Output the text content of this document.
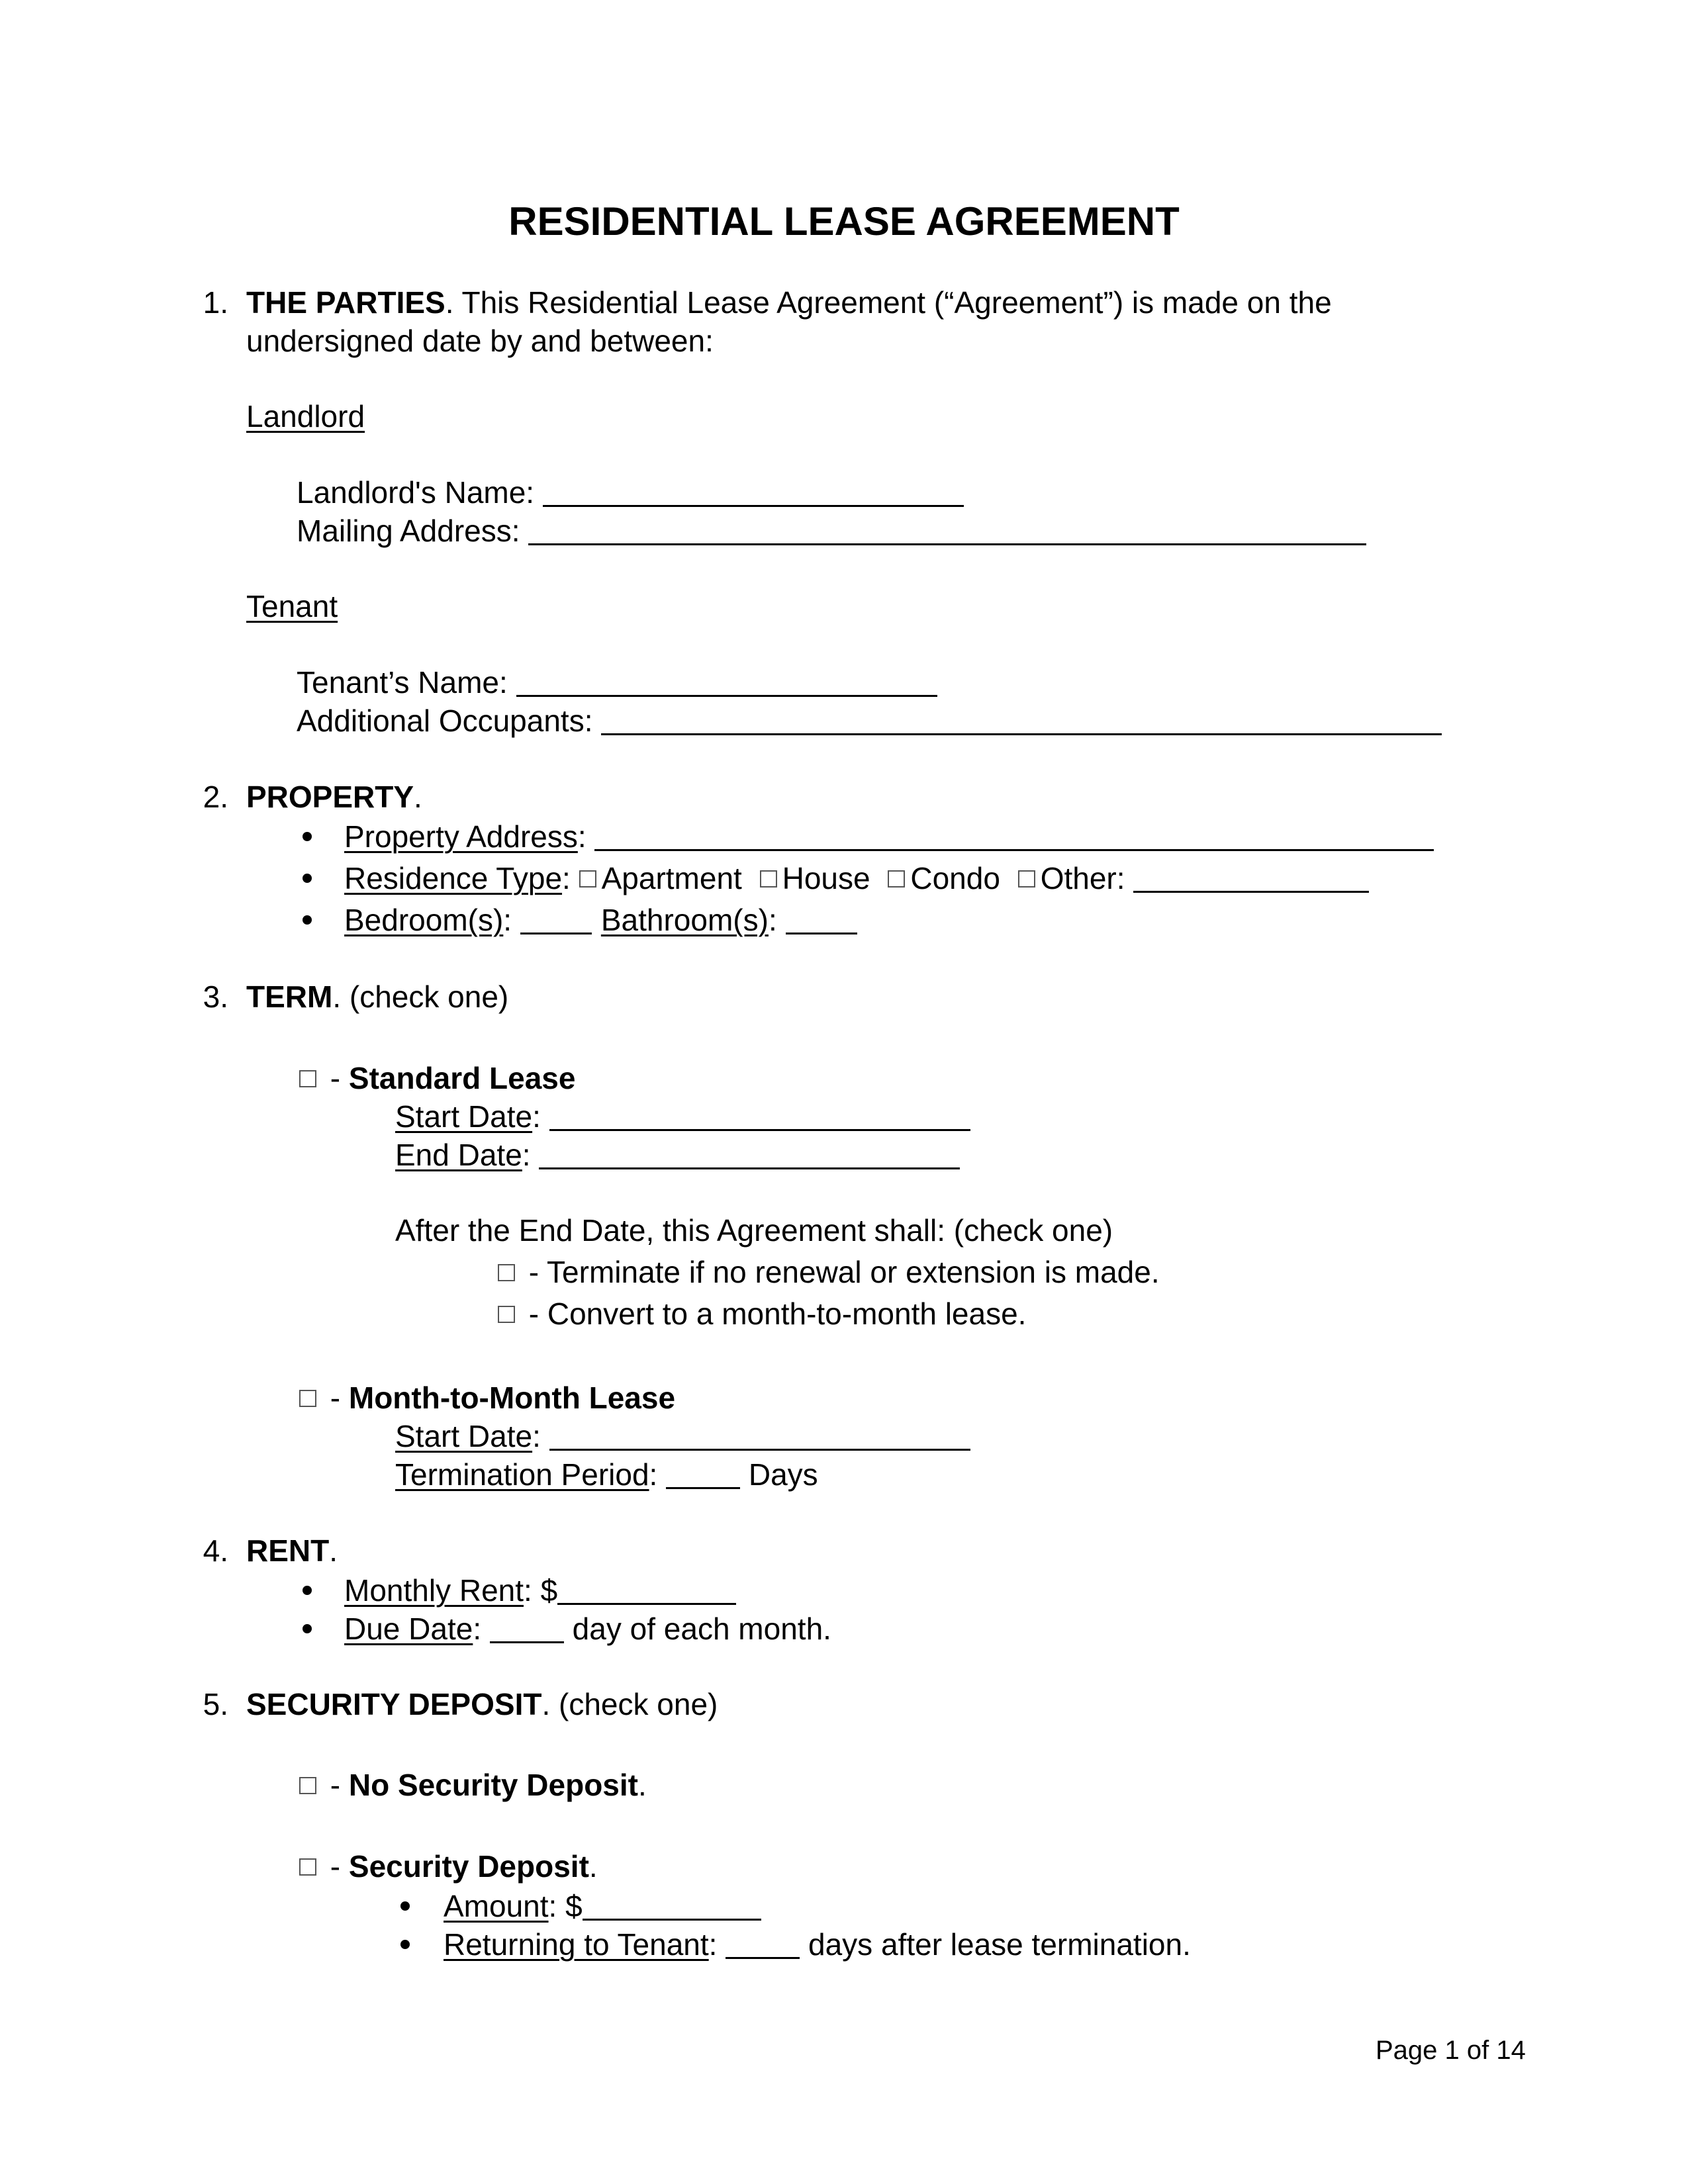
RESIDENTIAL LEASE AGREEMENT
1. THE PARTIES. This Residential Lease Agreement (“Agreement”) is made on the
undersigned date by and between:
Landlord
Landlord's Name:
Mailing Address:
Tenant
Tenant’s Name:
Additional Occupants:
2. PROPERTY.
Property Address:
Residence Type: Apartment House Condo Other:
Bedroom(s):	Bathroom(s):
3. TERM. (check one)
- Standard Lease
Start Date:
End Date:
After the End Date, this Agreement shall: (check one)
- Terminate if no renewal or extension is made.
- Convert to a month-to-month lease.
- Month-to-Month Lease
Start Date:
Termination Period:  Days
4. RENT.
Monthly Rent: $
Due Date:  day of each month.
5. SECURITY DEPOSIT. (check one)
- No Security Deposit.
- Security Deposit.
Amount: $
Returning to Tenant:  days after lease termination.
Page 1 of 14
